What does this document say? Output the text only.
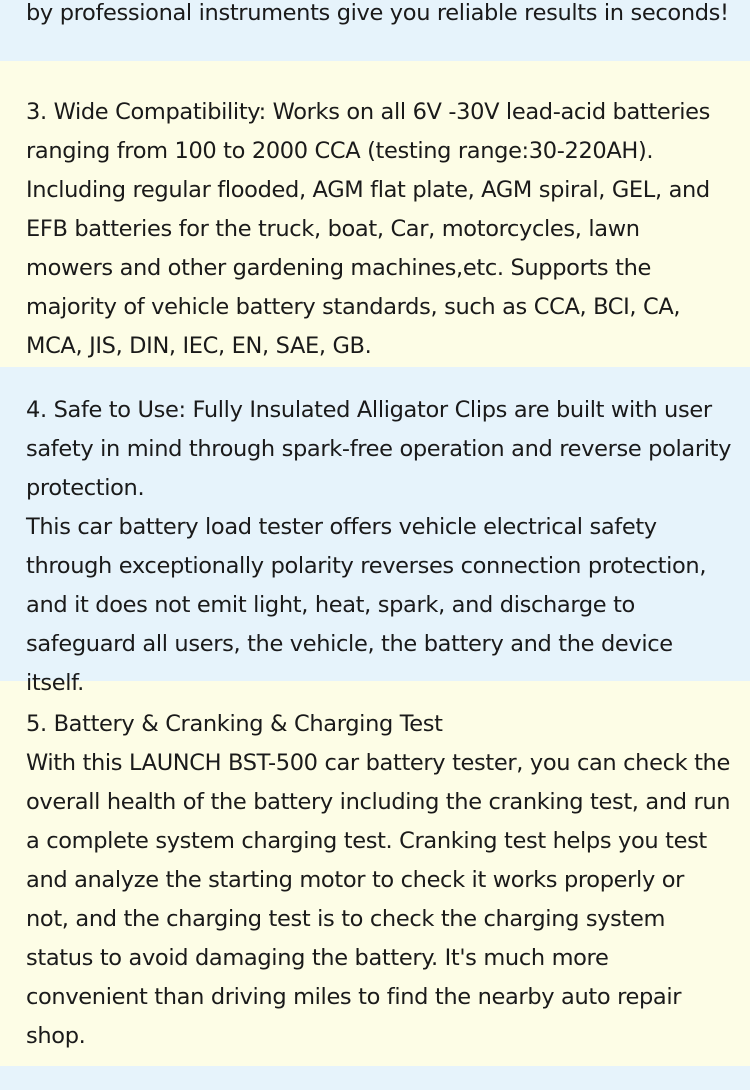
by professional instruments give you reliable results in seconds!

3. Wide Compatibility: Works on all 6V -30V lead-acid batteries ranging from 100 to 2000 CCA (testing range:30-220AH). Including regular flooded, AGM flat plate, AGM spiral, GEL, and EFB batteries for the truck, boat, Car, motorcycles, lawn mowers and other gardening machines,etc. Supports the majority of vehicle battery standards, such as CCA, BCI, CA, MCA, JIS, DIN, IEC, EN, SAE, GB.

4. Safe to Use: Fully Insulated Alligator Clips are built with user safety in mind through spark-free operation and reverse polarity protection.

This car battery load tester offers vehicle electrical safety through exceptionally polarity reverses connection protection, and it does not emit light, heat, spark, and discharge to safeguard all users, the vehicle, the battery and the device itself.

5. Battery & Cranking & Charging Test

With this LAUNCH BST-500 car battery tester, you can check the overall health of the battery including the cranking test, and run a complete system charging test. Cranking test helps you test and analyze the starting motor to check it works properly or not, and the charging test is to check the charging system status to avoid damaging the battery. It's much more convenient than driving miles to find the nearby auto repair shop.
